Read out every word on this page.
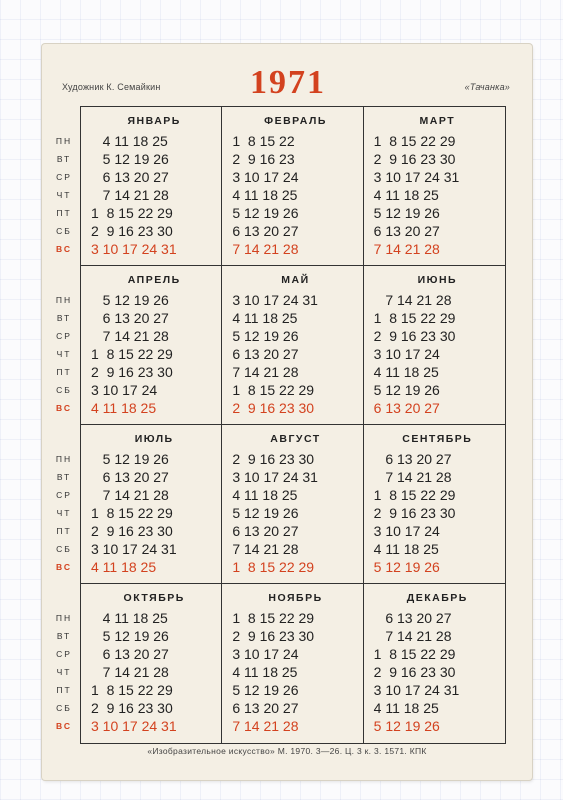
Художник К. Семайкин	1971	«Тачанка»
ПН
ВТ
СР
ЧТ
ПТ
СБ
ВС
ЯНВАРЬ
4 11 18 25
5 12 19 26
6 13 20 27
7 14 21 28
1  8 15 22 29
2  9 16 23 30
3 10 17 24 31
ФЕВРАЛЬ
1  8 15 22
2  9 16 23
3 10 17 24
4 11 18 25
5 12 19 26
6 13 20 27
7 14 21 28
МАРТ
1  8 15 22 29
2  9 16 23 30
3 10 17 24 31
4 11 18 25
5 12 19 26
6 13 20 27
7 14 21 28
ПН
ВТ
СР
ЧТ
ПТ
СБ
ВС
АПРЕЛЬ
5 12 19 26
6 13 20 27
7 14 21 28
1  8 15 22 29
2  9 16 23 30
3 10 17 24
4 11 18 25
МАЙ
3 10 17 24 31
4 11 18 25
5 12 19 26
6 13 20 27
7 14 21 28
1  8 15 22 29
2  9 16 23 30
ИЮНЬ
7 14 21 28
1  8 15 22 29
2  9 16 23 30
3 10 17 24
4 11 18 25
5 12 19 26
6 13 20 27
ПН
ВТ
СР
ЧТ
ПТ
СБ
ВС
ИЮЛЬ
5 12 19 26
6 13 20 27
7 14 21 28
1  8 15 22 29
2  9 16 23 30
3 10 17 24 31
4 11 18 25
АВГУСТ
2  9 16 23 30
3 10 17 24 31
4 11 18 25
5 12 19 26
6 13 20 27
7 14 21 28
1  8 15 22 29
СЕНТЯБРЬ
6 13 20 27
7 14 21 28
1  8 15 22 29
2  9 16 23 30
3 10 17 24
4 11 18 25
5 12 19 26
ПН
ВТ
СР
ЧТ
ПТ
СБ
ВС
ОКТЯБРЬ
4 11 18 25
5 12 19 26
6 13 20 27
7 14 21 28
1  8 15 22 29
2  9 16 23 30
3 10 17 24 31
НОЯБРЬ
1  8 15 22 29
2  9 16 23 30
3 10 17 24
4 11 18 25
5 12 19 26
6 13 20 27
7 14 21 28
ДЕКАБРЬ
6 13 20 27
7 14 21 28
1  8 15 22 29
2  9 16 23 30
3 10 17 24 31
4 11 18 25
5 12 19 26
«Изобразительное искусство» М. 1970. 3—26. Ц. 3 к. 3. 1571. КПК
